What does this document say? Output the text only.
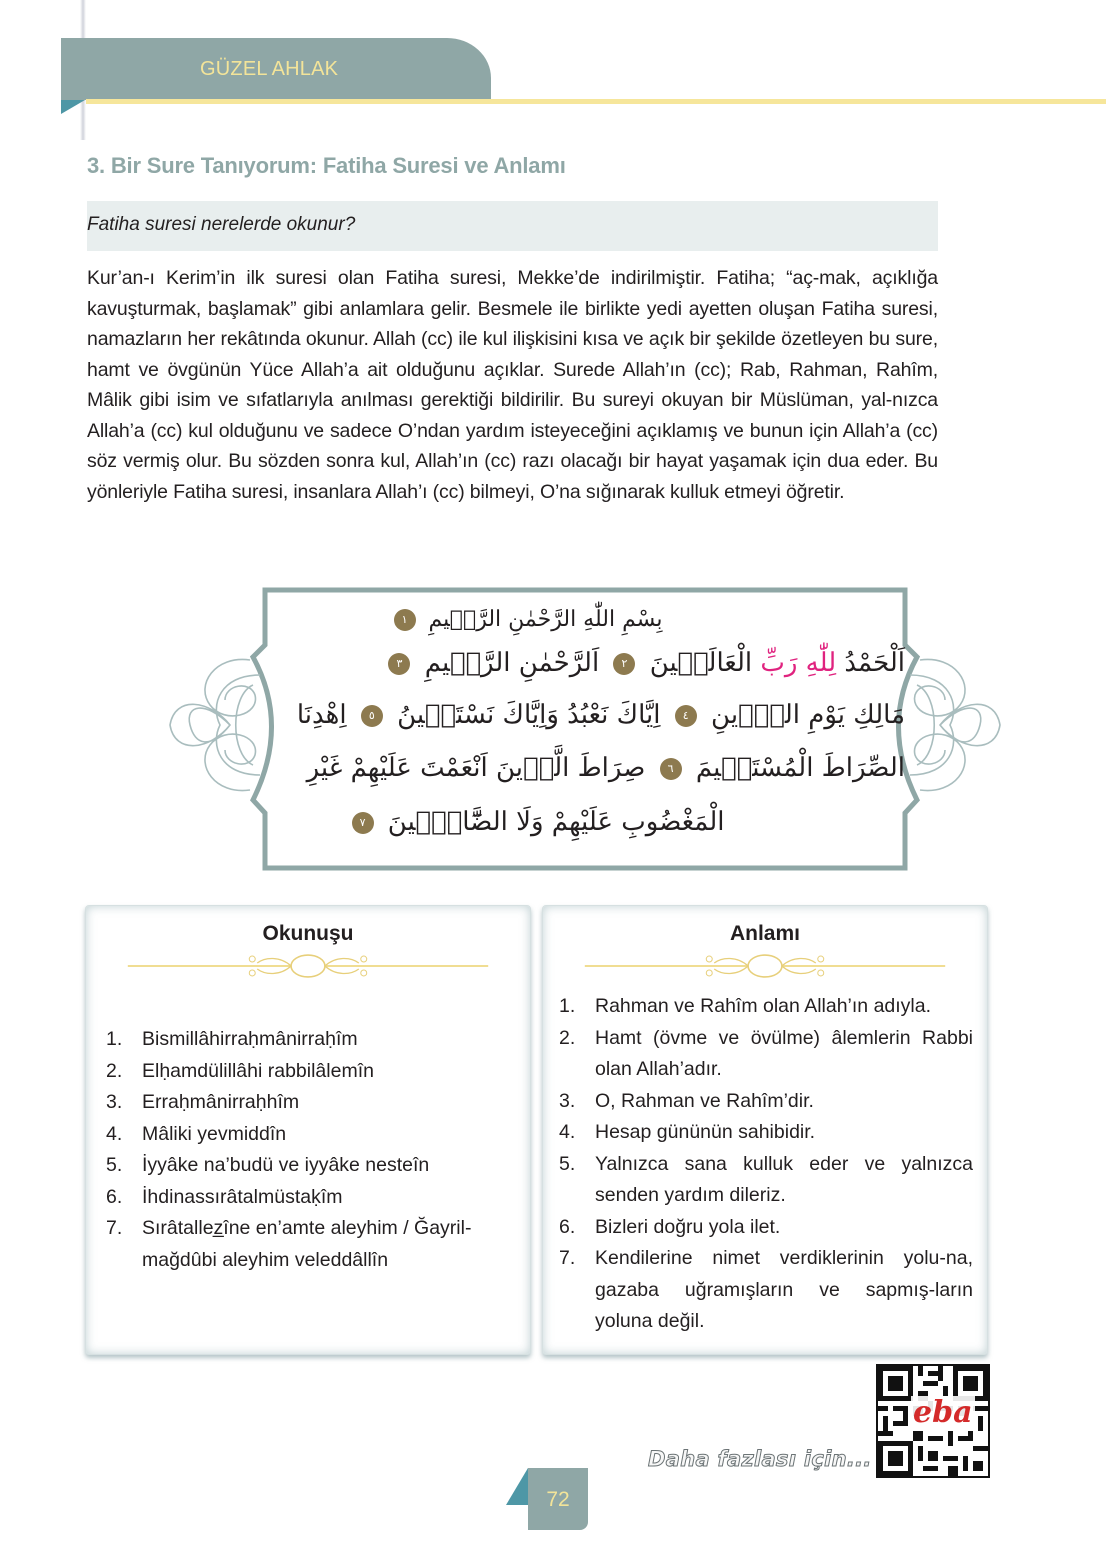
GÜZEL AHLAK
3. Bir Sure Tanıyorum: Fatiha Suresi ve Anlamı
Fatiha suresi nerelerde okunur?

Kur’an-ı Kerim’in ilk suresi olan Fatiha suresi, Mekke’de indirilmiştir. Fatiha; “aç-mak, açıklığa kavuşturmak, başlamak” gibi anlamlara gelir. Besmele ile birlikte yedi ayetten oluşan Fatiha suresi, namazların her rekâtında okunur. Allah (cc) ile kul ilişkisini kısa ve açık bir şekilde özetleyen bu sure, hamt ve övgünün Yüce Allah’a ait olduğunu açıklar. Surede Allah’ın (cc); Rab, Rahman, Rahîm, Mâlik gibi isim ve sıfatlarıyla anılması gerektiği bildirilir. Bu sureyi okuyan bir Müslüman, yal-nızca Allah’a (cc) kul olduğunu ve sadece O’ndan yardım isteyeceğini açıklamış ve bunun için Allah’a (cc) söz vermiş olur. Bu sözden sonra kul, Allah’ın (cc) razı olacağı bir hayat yaşamak için dua eder. Bu yönleriyle Fatiha suresi, insanlara Allah’ı (cc) bilmeyi, O’na sığınarak kulluk etmeyi öğretir.

بِسْمِ اللّٰهِ الرَّحْمٰنِ الرَّح۪يمِ ١
اَلْحَمْدُ لِلّٰهِ رَبِّ الْعَالَم۪ينَ ٢ اَلرَّحْمٰنِ الرَّح۪يمِ ٣
مَالِكِ يَوْمِ الدّ۪ينِ ٤ اِيَّاكَ نَعْبُدُ وَاِيَّاكَ نَسْتَع۪ينُ ٥ اِهْدِنَا
الصِّرَاطَ الْمُسْتَق۪يمَ ٦ صِرَاطَ الَّذ۪ينَ اَنْعَمْتَ عَلَيْهِمْ غَيْرِ
الْمَغْضُوبِ عَلَيْهِمْ وَلَا الضَّٓالّ۪ينَ ٧
Okunuşu
1. Bismillâhirraḥmânirraḥîm
2. Elḥamdülillâhi rabbilâlemîn
3. Erraḥmânirraḥhîm
4. Mâliki yevmiddîn
5. İyyâke na’budü ve iyyâke nesteîn
6. İhdinassırâtalmüstaḳîm
7. Sırâtallez̲îne en’amte aleyhim / Ğayril-mağdûbi aleyhim veleddâllîn
Anlamı
1. Rahman ve Rahîm olan Allah’ın adıyla.
2. Hamt (övme ve övülme) âlemlerin Rabbi olan Allah’adır.
3. O, Rahman ve Rahîm’dir.
4. Hesap gününün sahibidir.
5. Yalnızca sana kulluk eder ve yalnızca senden yardım dileriz.
6. Bizleri doğru yola ilet.
7. Kendilerine nimet verdiklerinin yolu-na, gazaba uğramışların ve sapmış-ların yoluna değil.
Daha fazlası için...
eba
72
